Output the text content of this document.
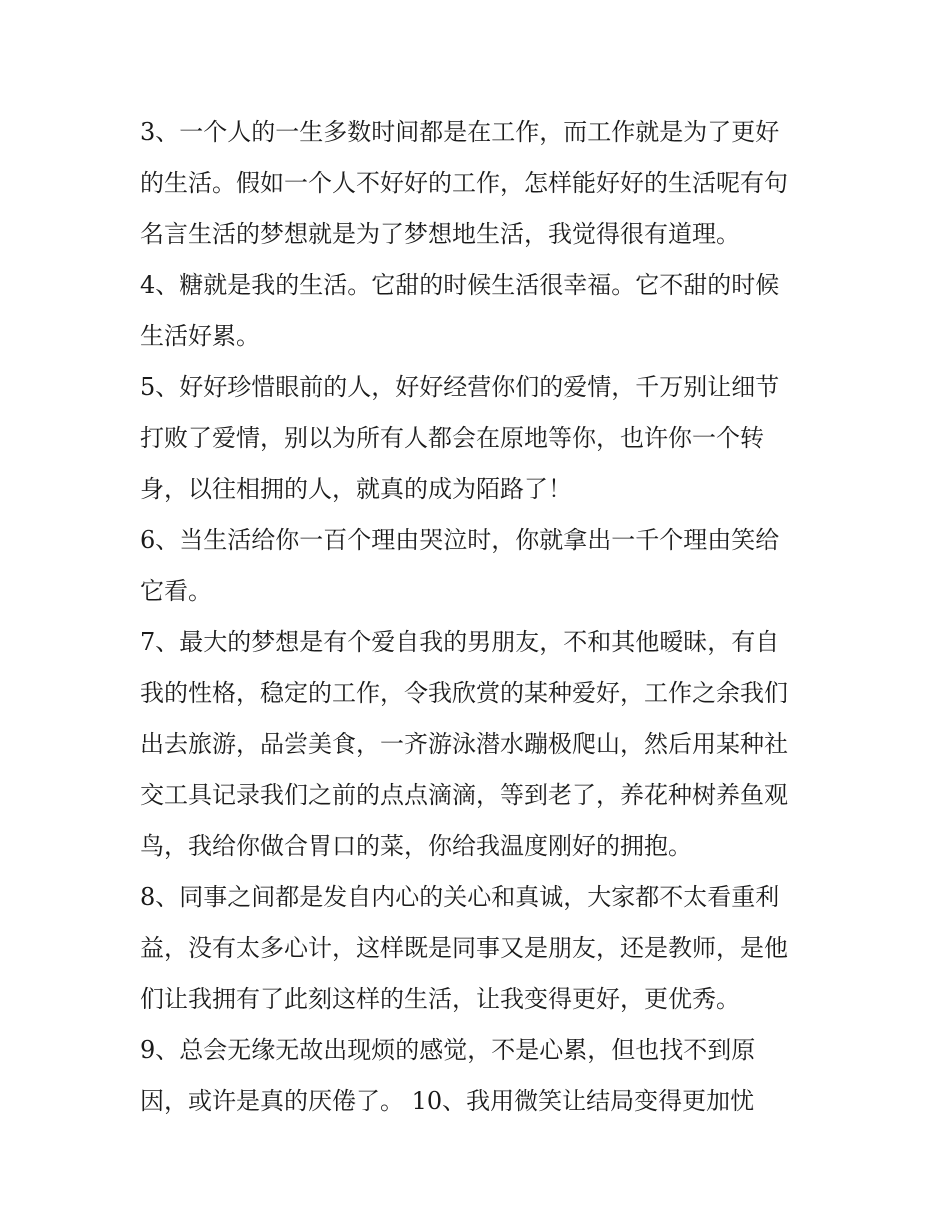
3、一个人的一生多数时间都是在工作，而工作就是为了更好
的生活。假如一个人不好好的工作，怎样能好好的生活呢有句
名言生活的梦想就是为了梦想地生活，我觉得很有道理。
4、糖就是我的生活。它甜的时候生活很幸福。它不甜的时候
生活好累。
5、好好珍惜眼前的人，好好经营你们的爱情，千万别让细节
打败了爱情，别以为所有人都会在原地等你，也许你一个转
身，以往相拥的人，就真的成为陌路了！
6、当生活给你一百个理由哭泣时，你就拿出一千个理由笑给
它看。
7、最大的梦想是有个爱自我的男朋友，不和其他暧昧，有自
我的性格，稳定的工作，令我欣赏的某种爱好，工作之余我们
出去旅游，品尝美食，一齐游泳潜水蹦极爬山，然后用某种社
交工具记录我们之前的点点滴滴，等到老了，养花种树养鱼观
鸟，我给你做合胃口的菜，你给我温度刚好的拥抱。
8、同事之间都是发自内心的关心和真诚，大家都不太看重利
益，没有太多心计，这样既是同事又是朋友，还是教师，是他
们让我拥有了此刻这样的生活，让我变得更好，更优秀。
9、总会无缘无故出现烦的感觉，不是心累，但也找不到原
因，或许是真的厌倦了。 10、我用微笑让结局变得更加忧
